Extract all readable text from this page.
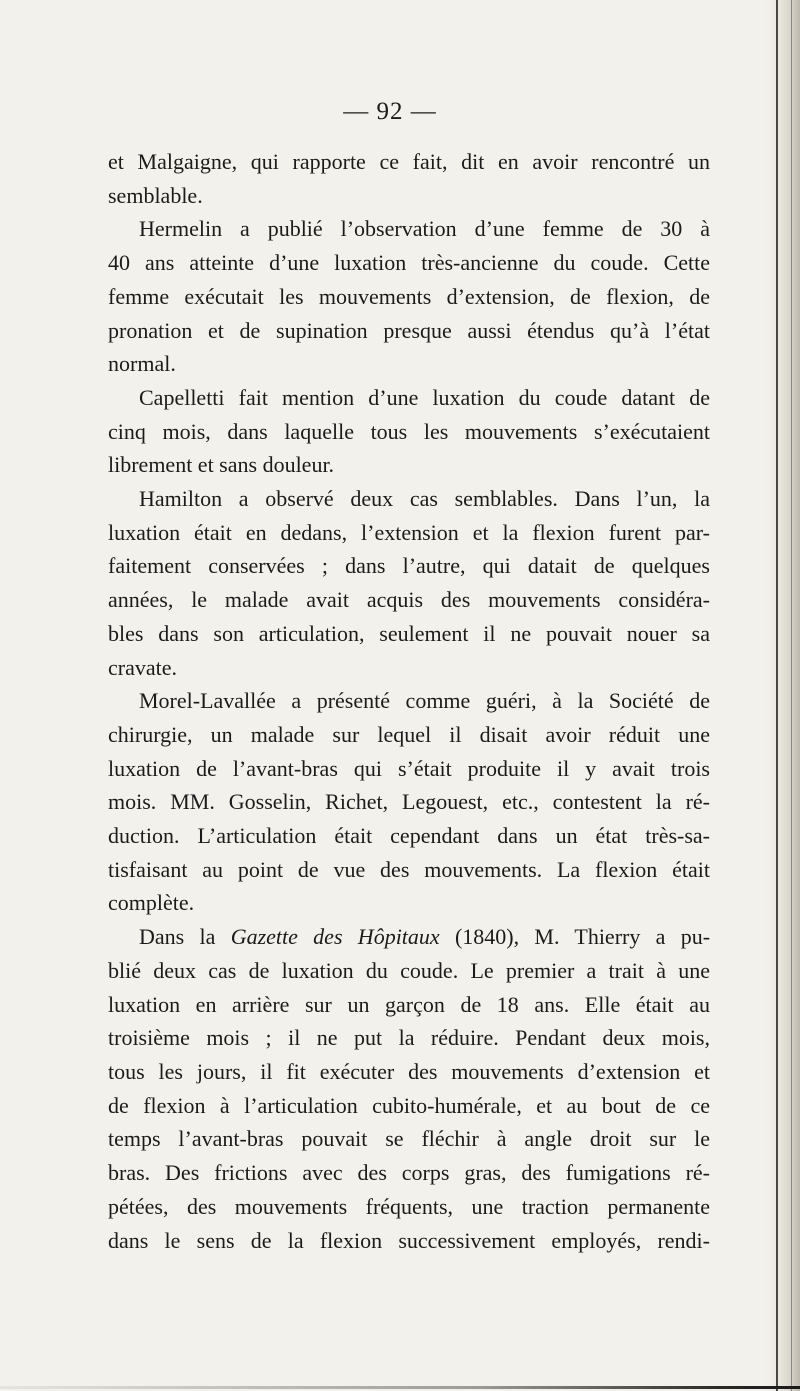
— 92 —
et Malgaigne, qui rapporte ce fait, dit en avoir rencontré un
semblable.
Hermelin a publié l’observation d’une femme de 30 à
40 ans atteinte d’une luxation très-ancienne du coude. Cette
femme exécutait les mouvements d’extension, de flexion, de
pronation et de supination presque aussi étendus qu’à l’état
normal.
Capelletti fait mention d’une luxation du coude datant de
cinq mois, dans laquelle tous les mouvements s’exécutaient
librement et sans douleur.
Hamilton a observé deux cas semblables. Dans l’un, la
luxation était en dedans, l’extension et la flexion furent par-
faitement conservées ; dans l’autre, qui datait de quelques
années, le malade avait acquis des mouvements considéra-
bles dans son articulation, seulement il ne pouvait nouer sa
cravate.
Morel-Lavallée a présenté comme guéri, à la Société de
chirurgie, un malade sur lequel il disait avoir réduit une
luxation de l’avant-bras qui s’était produite il y avait trois
mois. MM. Gosselin, Richet, Legouest, etc., contestent la ré-
duction. L’articulation était cependant dans un état très-sa-
tisfaisant au point de vue des mouvements. La flexion était
complète.
Dans la Gazette des Hôpitaux (1840), M. Thierry a pu-
blié deux cas de luxation du coude. Le premier a trait à une
luxation en arrière sur un garçon de 18 ans. Elle était au
troisième mois ; il ne put la réduire. Pendant deux mois,
tous les jours, il fit exécuter des mouvements d’extension et
de flexion à l’articulation cubito-humérale, et au bout de ce
temps l’avant-bras pouvait se fléchir à angle droit sur le
bras. Des frictions avec des corps gras, des fumigations ré-
pétées, des mouvements fréquents, une traction permanente
dans le sens de la flexion successivement employés, rendi-
